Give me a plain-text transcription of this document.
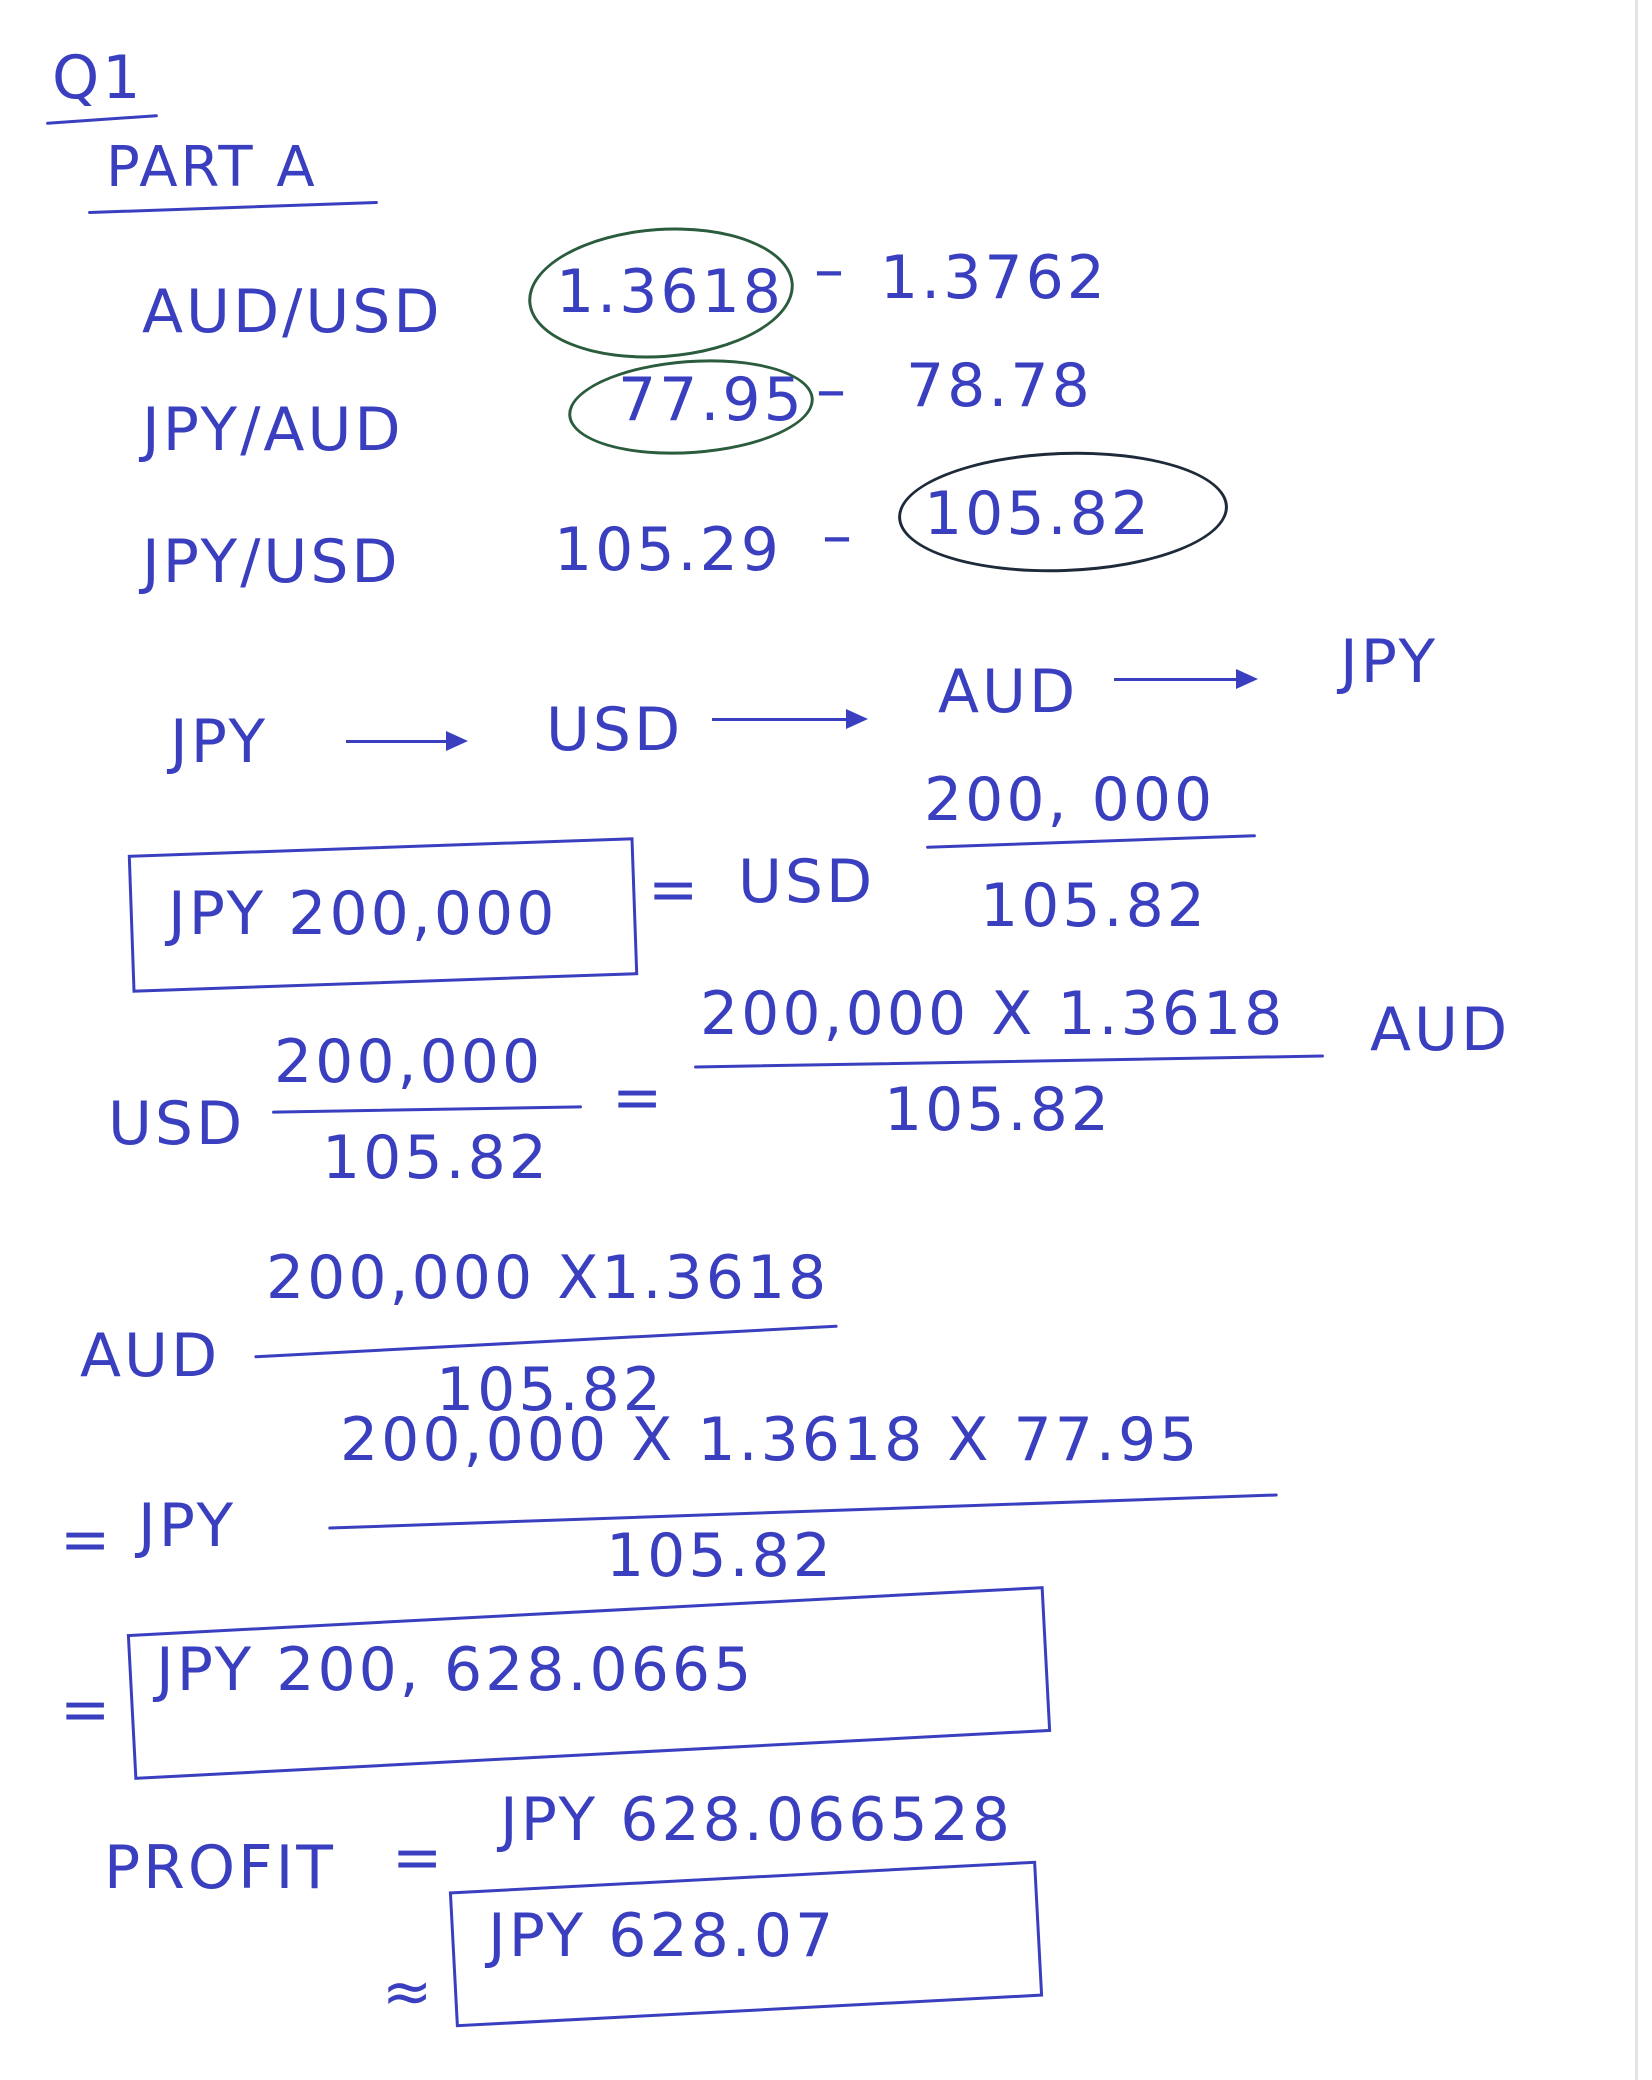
Q1
PART A
AUD/USD 1.3618 – 1.3762
JPY/AUD	77.95 – 78.78
JPY/USD	105.29 – 105.82
JPY	USD
AUD	JPY
JPY 200,000 = USD
200, 000
105.82
USD
200,000
105.82
=
200,000 X 1.3618
105.82
AUD
AUD
200,000 X1.3618
105.82
= JPY
200,000 X 1.3618 X 77.95
105.82
=
JPY 200, 628.0665
PROFIT =
JPY 628.066528
≈
JPY 628.07
